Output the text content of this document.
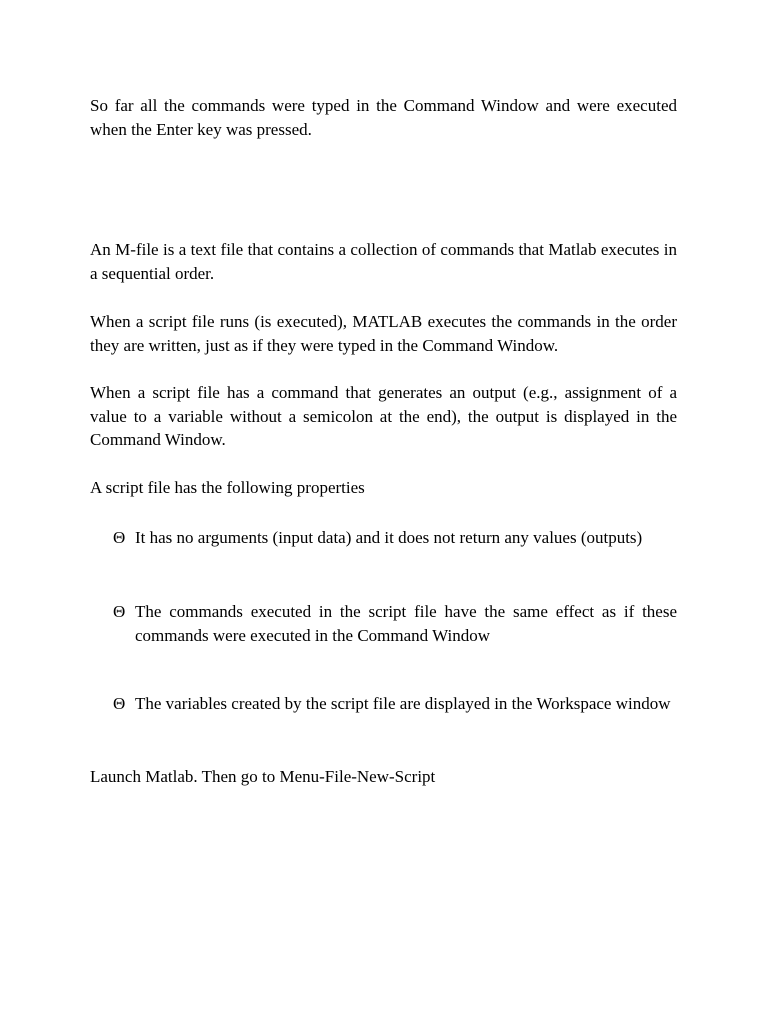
So far all the commands were typed in the Command Window and were executed when the Enter key was pressed.

An M-file is a text file that contains a collection of commands that Matlab executes in a sequential order.

When a script file runs (is executed), MATLAB executes the commands in the order they are written, just as if they were typed in the Command Window.

When a script file has a command that generates an output (e.g., assignment of a value to a variable without a semicolon at the end), the output is displayed in the Command Window.

A script file has the following properties

Θ It has no arguments (input data) and it does not return any values (outputs)
Θ The commands executed in the script file have the same effect as if these commands were executed in the Command Window
Θ The variables created by the script file are displayed in the Workspace window

Launch Matlab. Then go to Menu-File-New-Script
